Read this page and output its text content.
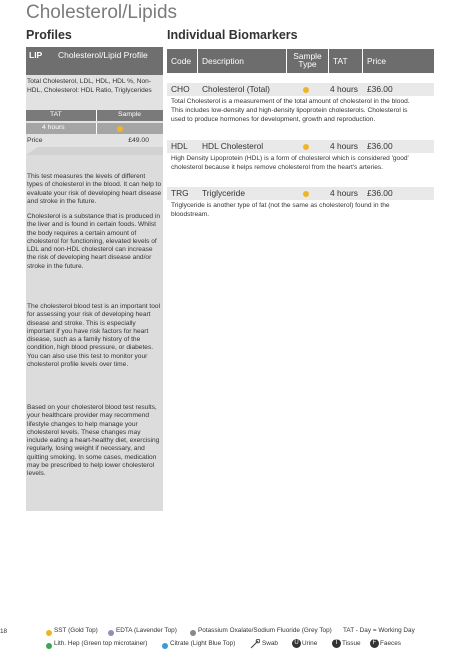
Cholesterol/Lipids
Profiles	Individual Biomarkers
LIP Cholesterol/Lipid Profile
Total Cholesterol, LDL, HDL, HDL %, Non-HDL, Cholesterol: HDL Ratio, Triglycerides
TAT	Sample
4 hours
Price	£49.00
This test measures the levels of different types of cholesterol in the blood. It can help to evaluate your risk of developing heart disease and stroke in the future.
Cholesterol is a substance that is produced in the liver and is found in certain foods. Whilst the body requires a certain amount of cholesterol for functioning, elevated levels of LDL and non-HDL cholesterol can increase the risk of developing heart disease and/or stroke in the future.
The cholesterol blood test is an important tool for assessing your risk of developing heart disease and stroke. This is especially important if you have risk factors for heart disease, such as a family history of the condition, high blood pressure, or diabetes. You can also use this test to monitor your cholesterol profile levels over time.
Based on your cholesterol blood test results, your healthcare provider may recommend lifestyle changes to help manage your cholesterol levels. These changes may include eating a heart-healthy diet, exercising regularly, losing weight if necessary, and quitting smoking. In some cases, medication may be prescribed to help lower cholesterol levels.
Code	Description	Sample Type	TAT	Price
CHO Cholesterol (Total)	4 hours £36.00
Total Cholesterol is a measurement of the total amount of cholesterol in the blood. This includes low-density and high-density lipoprotein cholesterols. Cholesterol is used to produce hormones for development, growth and reproduction.
HDL HDL Cholesterol	4 hours £36.00
High Density Lipoprotein (HDL) is a form of cholesterol which is considered 'good' cholesterol because it helps remove cholesterol from the heart's arteries.
TRG Triglyceride	4 hours £36.00
Triglyceride is another type of fat (not the same as cholesterol) found in the bloodstream.
18	SST (Gold Top)	EDTA (Lavender Top)	Potassium Oxalate/Sodium Fluoride (Grey Top) TAT - Day = Working Day
Lith. Hep (Green top microtainer)	Citrate (Light Blue Top)	Swab	U Urine	T Tissue	F Faeces
